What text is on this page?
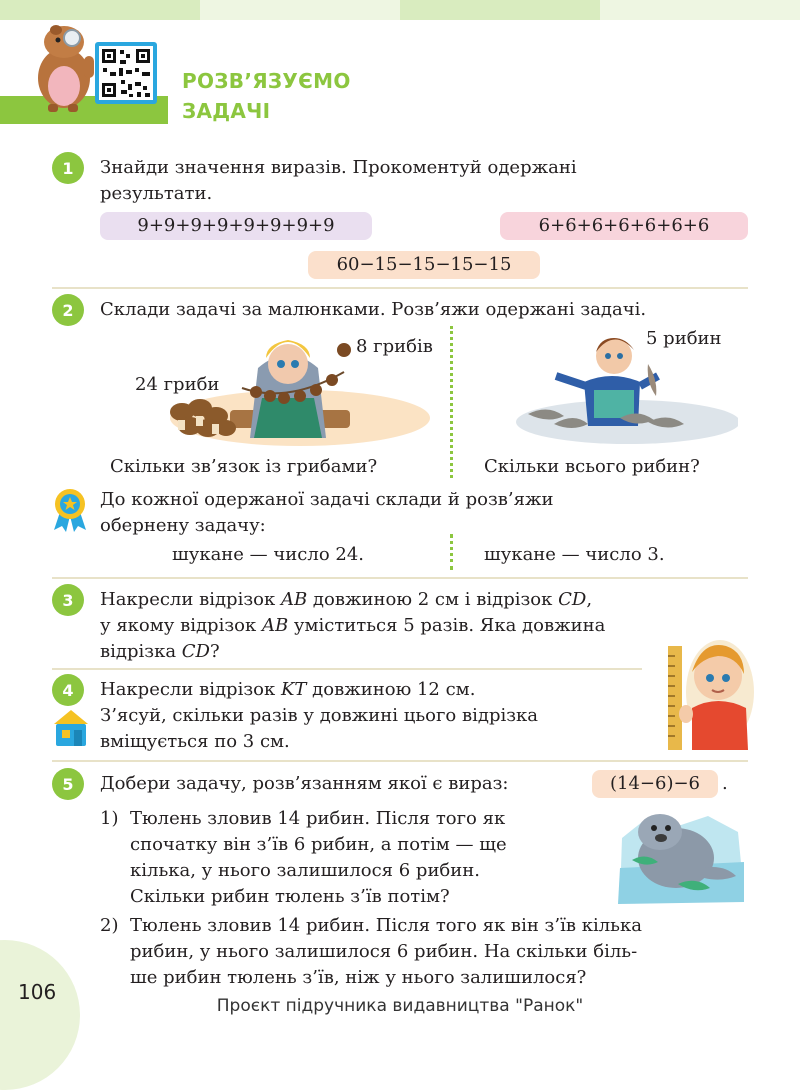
РОЗВ’ЯЗУЄМО
ЗАДАЧІ
1	Знайди значення виразів. Прокоментуй одержані
результати.
9+9+9+9+9+9+9+9	6+6+6+6+6+6+6
60−15−15−15−15
2	Склади задачі за малюнками. Розв’яжи одержані задачі.
24 гриби
8 грибів	5 рибин
Скільки зв’язок із грибами?	Скільки всього рибин?
До кожної одержаної задачі склади й розв’яжи
обернену задачу:
шукане — число 24.	шукане — число 3.
3	Накресли відрізок AB довжиною 2 см і відрізок CD,
у якому відрізок AB уміститься 5 разів. Яка довжина
відрізка CD?
4	Накресли відрізок KT довжиною 12 см.
З’ясуй, скільки разів у довжині цього відрізка
вміщується по 3 см.
5	Добери задачу, розв’язанням якої є вираз:	(14−6)−6	.
1) Тюлень зловив 14 рибин. Після того як
спочатку він з’їв 6 рибин, а потім — ще
кілька, у нього залишилося 6 рибин.
Скільки рибин тюлень з’їв потім?
2) Тюлень зловив 14 рибин. Після того як він з’їв кілька
рибин, у нього залишилося 6 рибин. На скільки біль-
ше рибин тюлень з’їв, ніж у нього залишилося?
106
Проєкт підручника видавництва "Ранок"
